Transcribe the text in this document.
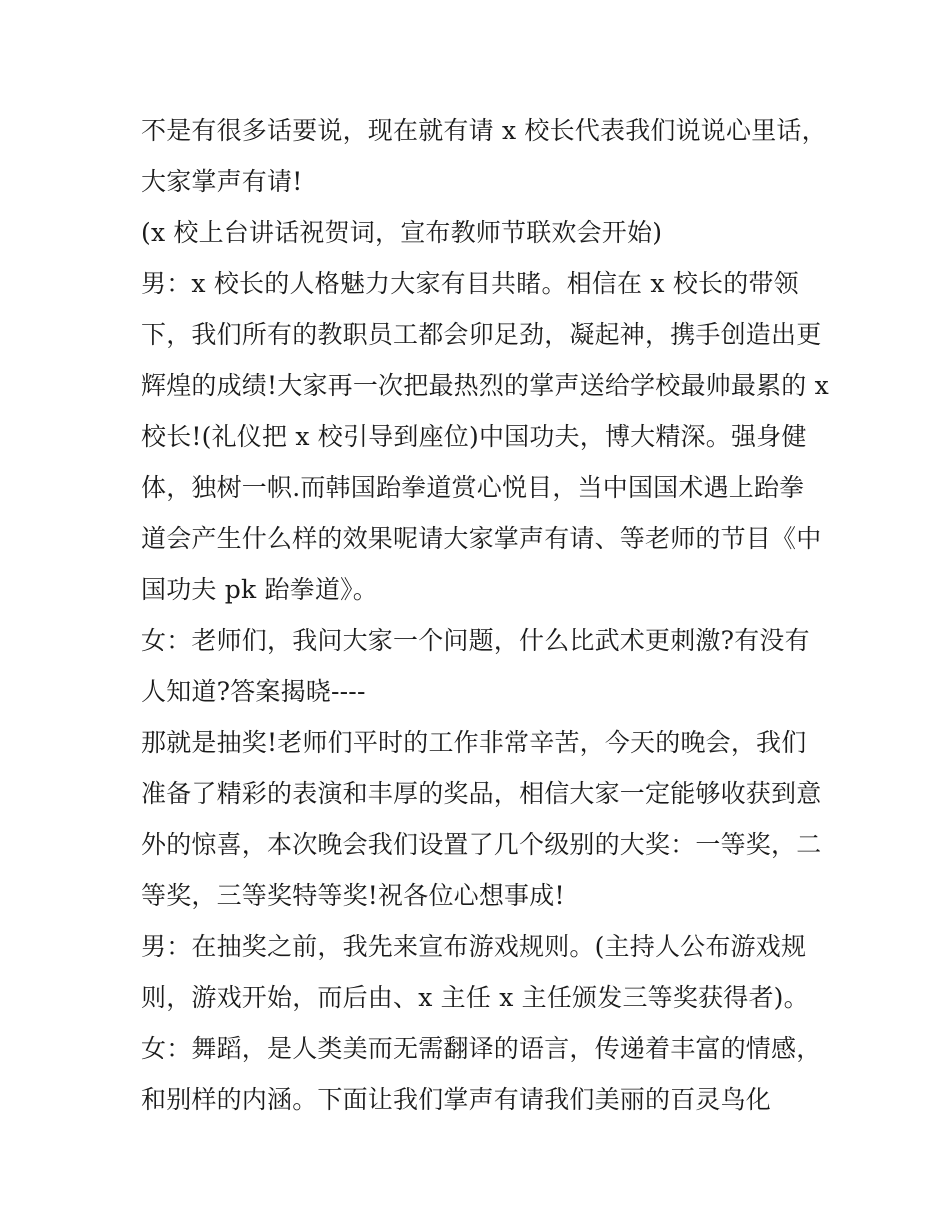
不是有很多话要说，现在就有请 x 校长代表我们说说心里话，
大家掌声有请!
(x 校上台讲话祝贺词，宣布教师节联欢会开始)
男：x 校长的人格魅力大家有目共睹。相信在 x 校长的带领
下，我们所有的教职员工都会卯足劲，凝起神，携手创造出更
辉煌的成绩!大家再一次把最热烈的掌声送给学校最帅最累的 x
校长!(礼仪把 x 校引导到座位)中国功夫，博大精深。强身健
体，独树一帜.而韩国跆拳道赏心悦目，当中国国术遇上跆拳
道会产生什么样的效果呢请大家掌声有请、等老师的节目《中
国功夫 pk 跆拳道》。
女：老师们，我问大家一个问题，什么比武术更刺激?有没有
人知道?答案揭晓----
那就是抽奖!老师们平时的工作非常辛苦，今天的晚会，我们
准备了精彩的表演和丰厚的奖品，相信大家一定能够收获到意
外的惊喜，本次晚会我们设置了几个级别的大奖：一等奖，二
等奖，三等奖特等奖!祝各位心想事成!
男：在抽奖之前，我先来宣布游戏规则。(主持人公布游戏规
则，游戏开始，而后由、x 主任 x 主任颁发三等奖获得者)。
女：舞蹈，是人类美而无需翻译的语言，传递着丰富的情感，
和别样的内涵。下面让我们掌声有请我们美丽的百灵鸟化
